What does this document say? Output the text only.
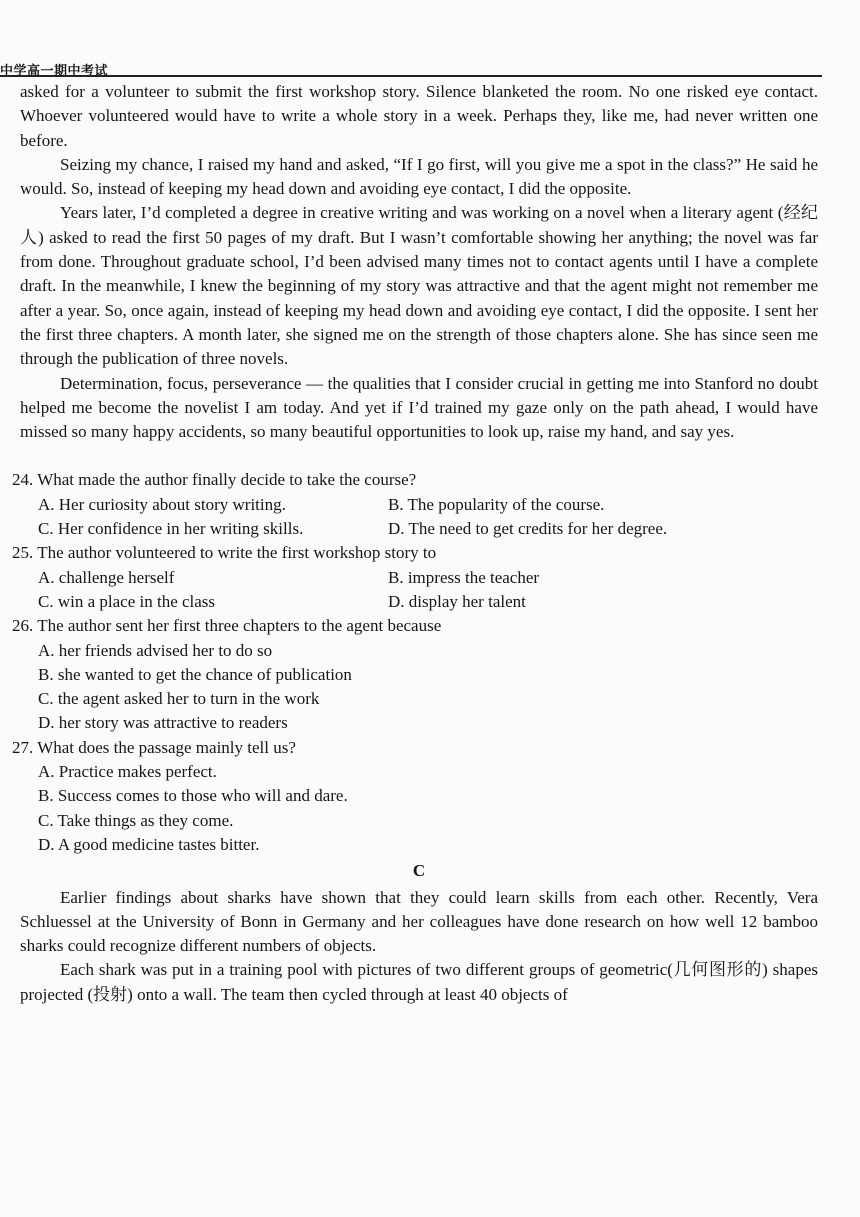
中学高一期中考试

asked for a volunteer to submit the first workshop story. Silence blanketed the room. No one risked eye contact. Whoever volunteered would have to write a whole story in a week. Perhaps they, like me, had never written one before.

Seizing my chance, I raised my hand and asked, “If I go first, will you give me a spot in the class?” He said he would. So, instead of keeping my head down and avoiding eye contact, I did the opposite.

Years later, I’d completed a degree in creative writing and was working on a novel when a literary agent (经纪人) asked to read the first 50 pages of my draft. But I wasn’t comfortable showing her anything; the novel was far from done. Throughout graduate school, I’d been advised many times not to contact agents until I have a complete draft. In the meanwhile, I knew the beginning of my story was attractive and that the agent might not remember me after a year. So, once again, instead of keeping my head down and avoiding eye contact, I did the opposite. I sent her the first three chapters. A month later, she signed me on the strength of those chapters alone. She has since seen me through the publication of three novels.

Determination, focus, perseverance — the qualities that I consider crucial in getting me into Stanford no doubt helped me become the novelist I am today. And yet if I’d trained my gaze only on the path ahead, I would have missed so many happy accidents, so many beautiful opportunities to look up, raise my hand, and say yes.

24. What made the author finally decide to take the course?

A. Her curiosity about story writing.	B. The popularity of the course.
C. Her confidence in her writing skills.	D. The need to get credits for her degree.

25. The author volunteered to write the first workshop story to

A. challenge herself	B. impress the teacher
C. win a place in the class	D. display her talent

26. The author sent her first three chapters to the agent because

A. her friends advised her to do so

B. she wanted to get the chance of publication

C. the agent asked her to turn in the work

D. her story was attractive to readers

27. What does the passage mainly tell us?

A. Practice makes perfect.

B. Success comes to those who will and dare.

C. Take things as they come.

D. A good medicine tastes bitter.

C

Earlier findings about sharks have shown that they could learn skills from each other. Recently, Vera Schluessel at the University of Bonn in Germany and her colleagues have done research on how well 12 bamboo sharks could recognize different numbers of objects.

Each shark was put in a training pool with pictures of two different groups of geometric(几何图形的) shapes projected (投射) onto a wall. The team then cycled through at least 40 objects of
